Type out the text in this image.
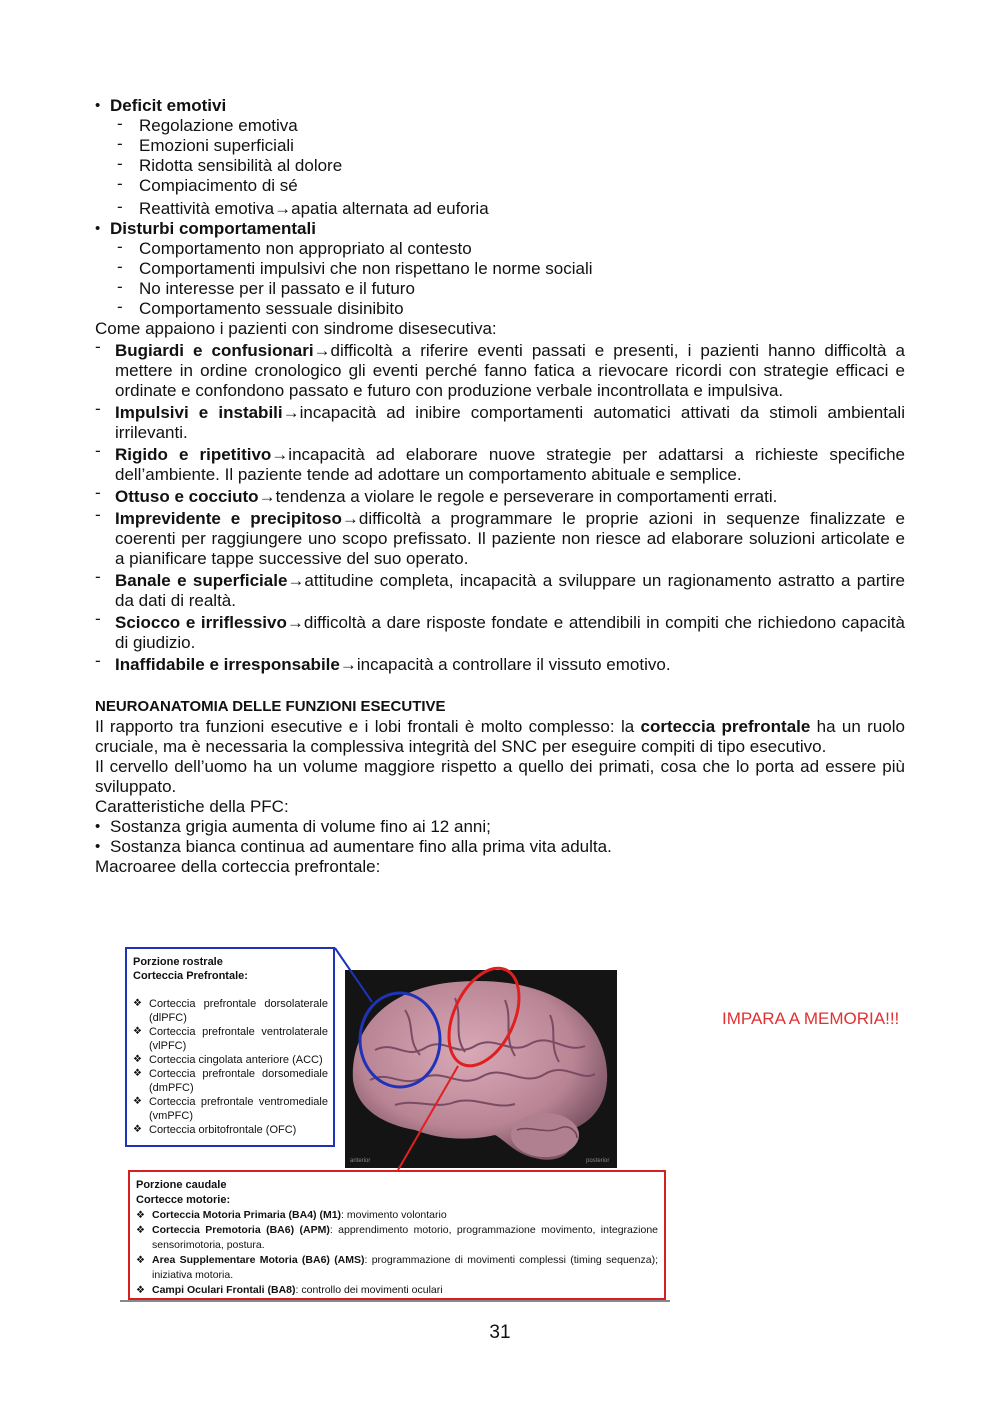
• Deficit emotivi

- Regolazione emotiva

- Emozioni superficiali

- Ridotta sensibilità al dolore

- Compiacimento di sé

- Reattività emotiva→apatia alternata ad euforia

• Disturbi comportamentali

- Comportamento non appropriato al contesto

- Comportamenti impulsivi che non rispettano le norme sociali

- No interesse per il passato e il futuro

- Comportamento sessuale disinibito

Come appaiono i pazienti con sindrome disesecutiva:

- Bugiardi e confusionari→difficoltà a riferire eventi passati e presenti, i pazienti hanno difficoltà a mettere in ordine cronologico gli eventi perché fanno fatica a rievocare ricordi con strategie efficaci e ordinate e confondono passato e futuro con produzione verbale incontrollata e impulsiva.

- Impulsivi e instabili→incapacità ad inibire comportamenti automatici attivati da stimoli ambientali irrilevanti.

- Rigido e ripetitivo→incapacità ad elaborare nuove strategie per adattarsi a richieste specifiche dell’ambiente. Il paziente tende ad adottare un comportamento abituale e semplice.

- Ottuso e cocciuto→tendenza a violare le regole e perseverare in comportamenti errati.

- Imprevidente e precipitoso→difficoltà a programmare le proprie azioni in sequenze finalizzate e coerenti per raggiungere uno scopo prefissato. Il paziente non riesce ad elaborare soluzioni articolate e a pianificare tappe successive del suo operato.

- Banale e superficiale→attitudine completa, incapacità a sviluppare un ragionamento astratto a partire da dati di realtà.

- Sciocco e irriflessivo→difficoltà a dare risposte fondate e attendibili in compiti che richiedono capacità di giudizio.

- Inaffidabile e irresponsabile→incapacità a controllare il vissuto emotivo.

NEUROANATOMIA DELLE FUNZIONI ESECUTIVE

Il rapporto tra funzioni esecutive e i lobi frontali è molto complesso: la corteccia prefrontale ha un ruolo cruciale, ma è necessaria la complessiva integrità del SNC per eseguire compiti di tipo esecutivo.

Il cervello dell’uomo ha un volume maggiore rispetto a quello dei primati, cosa che lo porta ad essere più sviluppato.

Caratteristiche della PFC:

• Sostanza grigia aumenta di volume fino ai 12 anni;

• Sostanza bianca continua ad aumentare fino alla prima vita adulta.

Macroaree della corteccia prefrontale:

anterior	posterior

Porzione rostrale

Corteccia Prefrontale:

❖ Corteccia prefrontale dorsolaterale (dlPFC)

❖ Corteccia prefrontale ventrolaterale (vlPFC)

❖ Corteccia cingolata anteriore (ACC)

❖ Corteccia prefrontale dorsomediale (dmPFC)

❖ Corteccia prefrontale ventromediale (vmPFC)

❖ Corteccia orbitofrontale (OFC)

Porzione caudale

Cortecce motorie:

❖ Corteccia Motoria Primaria (BA4) (M1): movimento volontario

❖ Corteccia Premotoria (BA6) (APM): apprendimento motorio, programmazione movimento, integrazione sensorimotoria, postura.

❖ Area Supplementare Motoria (BA6) (AMS): programmazione di movimenti complessi (timing sequenza); iniziativa motoria.

❖ Campi Oculari Frontali (BA8): controllo dei movimenti oculari

IMPARA A MEMORIA!!!
31
